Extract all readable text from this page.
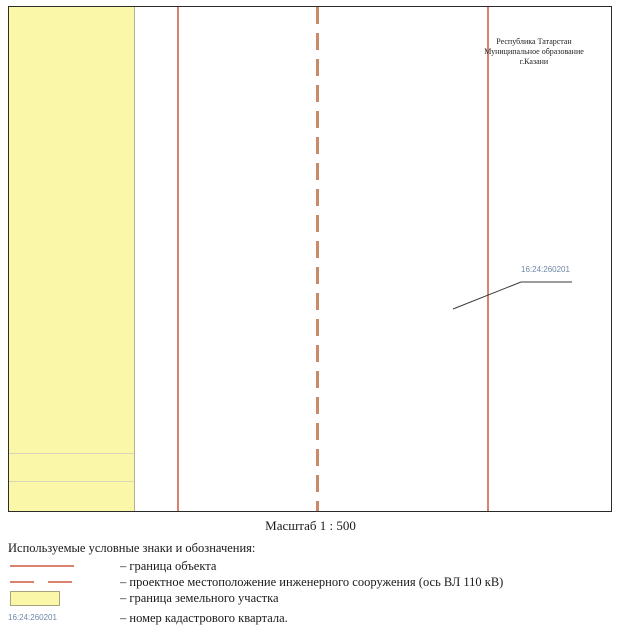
Республика Татарстан
Муниципальное образование
г.Казани
16:24:260201
Масштаб 1 : 500
Используемые условные знаки и обозначения:
– граница объекта
– проектное местоположение инженерного сооружения (ось ВЛ 110 кВ)
– граница земельного участка
16:24:260201	– номер кадастрового квартала.
